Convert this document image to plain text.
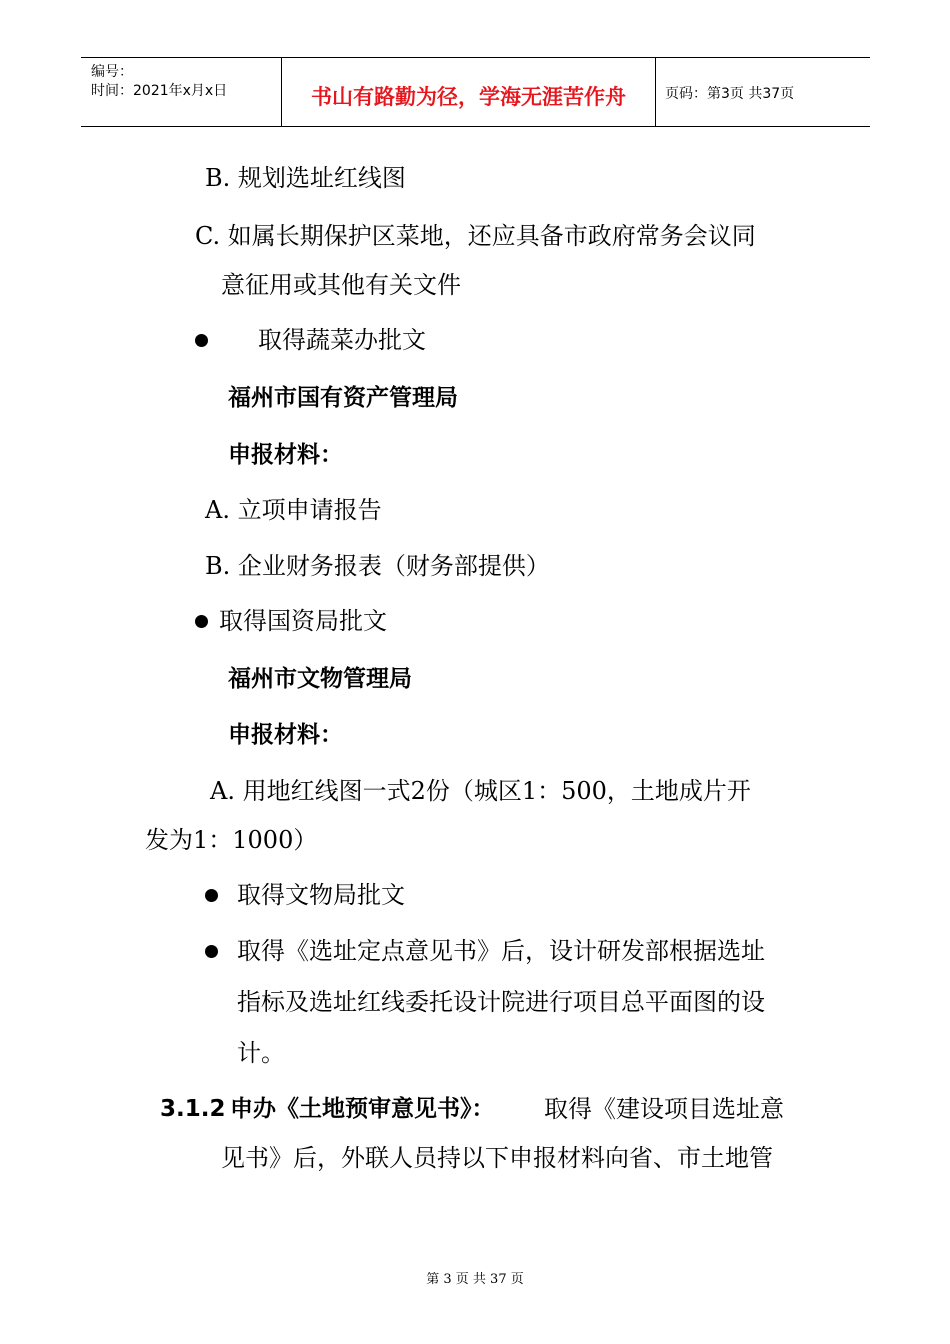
编号：
时间：2021年x月x日	书山有路勤为径，学海无涯苦作舟	页码：第3页 共37页
B. 规划选址红线图
C. 如属长期保护区菜地，还应具备市政府常务会议同
意征用或其他有关文件
取得蔬菜办批文
福州市国有资产管理局
申报材料：
A. 立项申请报告
B. 企业财务报表（财务部提供）
取得国资局批文
福州市文物管理局
申报材料：
A. 用地红线图一式2份（城区1：500，土地成片开
发为1：1000）
取得文物局批文
取得《选址定点意见书》后，设计研发部根据选址
指标及选址红线委托设计院进行项目总平面图的设
计。
3.1.2 申办《土地预审意见书》： 取得《建设项目选址意
见书》后，外联人员持以下申报材料向省、市土地管
第 3 页 共 37 页
